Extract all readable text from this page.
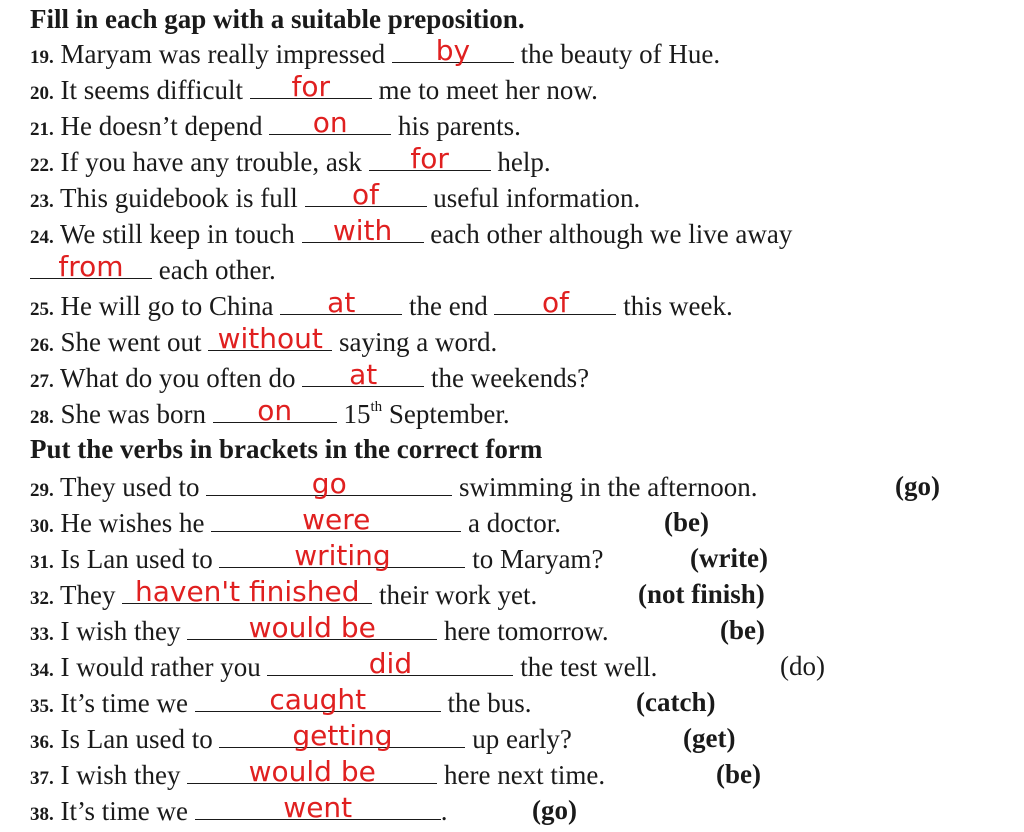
Fill in each gap with a suitable preposition.
19. Maryam was really impressed	by	the beauty of Hue.
20. It seems difficult	for	me to meet her now.
21. He doesn’t depend	on	his parents.
22. If you have any trouble, ask	for	help.
23. This guidebook is full	of	useful information.
24. We still keep in touch	with	each other although we live away
from	each other.
25. He will go to China	at	the end	of	this week.
26. She went out without saying a word.
27. What do you often do	at	the weekends?
28. She was born	on	15th September.
Put the verbs in brackets in the correct form
29. They used to	go	swimming in the afternoon.	(go)
30. He wishes he	were	a doctor.	(be)
31. Is Lan used to	writing	to Maryam?	(write)
32. They haven't finished their work yet.	(not finish)
33. I wish they	would be	here tomorrow.	(be)
34. I would rather you	did	the test well.	(do)
35. It’s time we	caught	the bus.	(catch)
36. Is Lan used to	getting	up early?	(get)
37. I wish they	would be	here next time.	(be)
38. It’s time we	went	.	(go)
